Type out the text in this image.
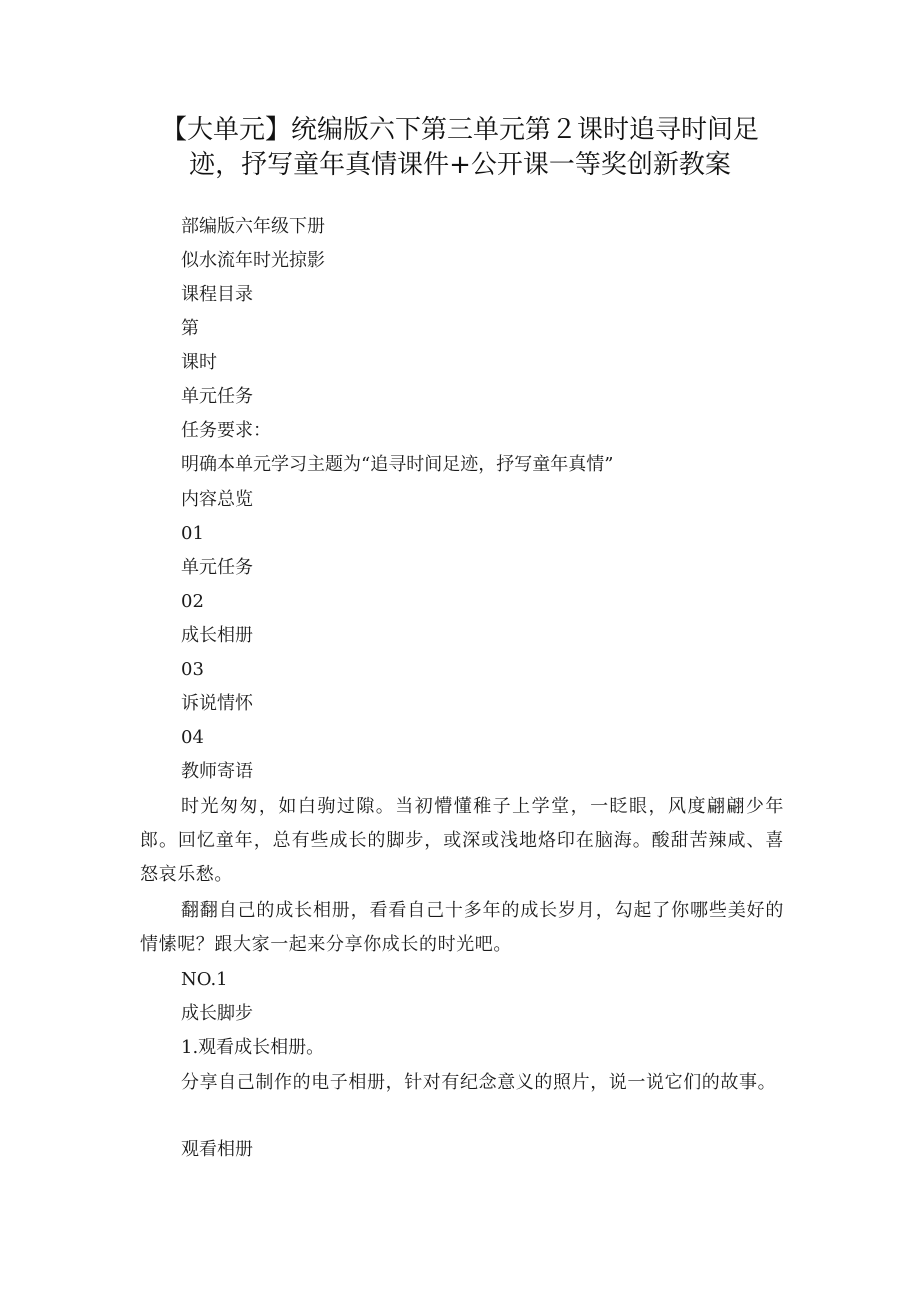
【大单元】统编版六下第三单元第２课时追寻时间足
迹，抒写童年真情课件+公开课一等奖创新教案

部编版六年级下册

似水流年时光掠影

课程目录

第

课时

单元任务

任务要求：

明确本单元学习主题为“追寻时间足迹，抒写童年真情”

内容总览

01

单元任务

02

成长相册

03

诉说情怀

04

教师寄语

时光匆匆，如白驹过隙。当初懵懂稚子上学堂，一眨眼，风度翩翩少年郎。回忆童年，总有些成长的脚步，或深或浅地烙印在脑海。酸甜苦辣咸、喜怒哀乐愁。

翻翻自己的成长相册，看看自己十多年的成长岁月，勾起了你哪些美好的情愫呢？跟大家一起来分享你成长的时光吧。

NO.1

成长脚步

1.观看成长相册。

分享自己制作的电子相册，针对有纪念意义的照片，说一说它们的故事。

观看相册
